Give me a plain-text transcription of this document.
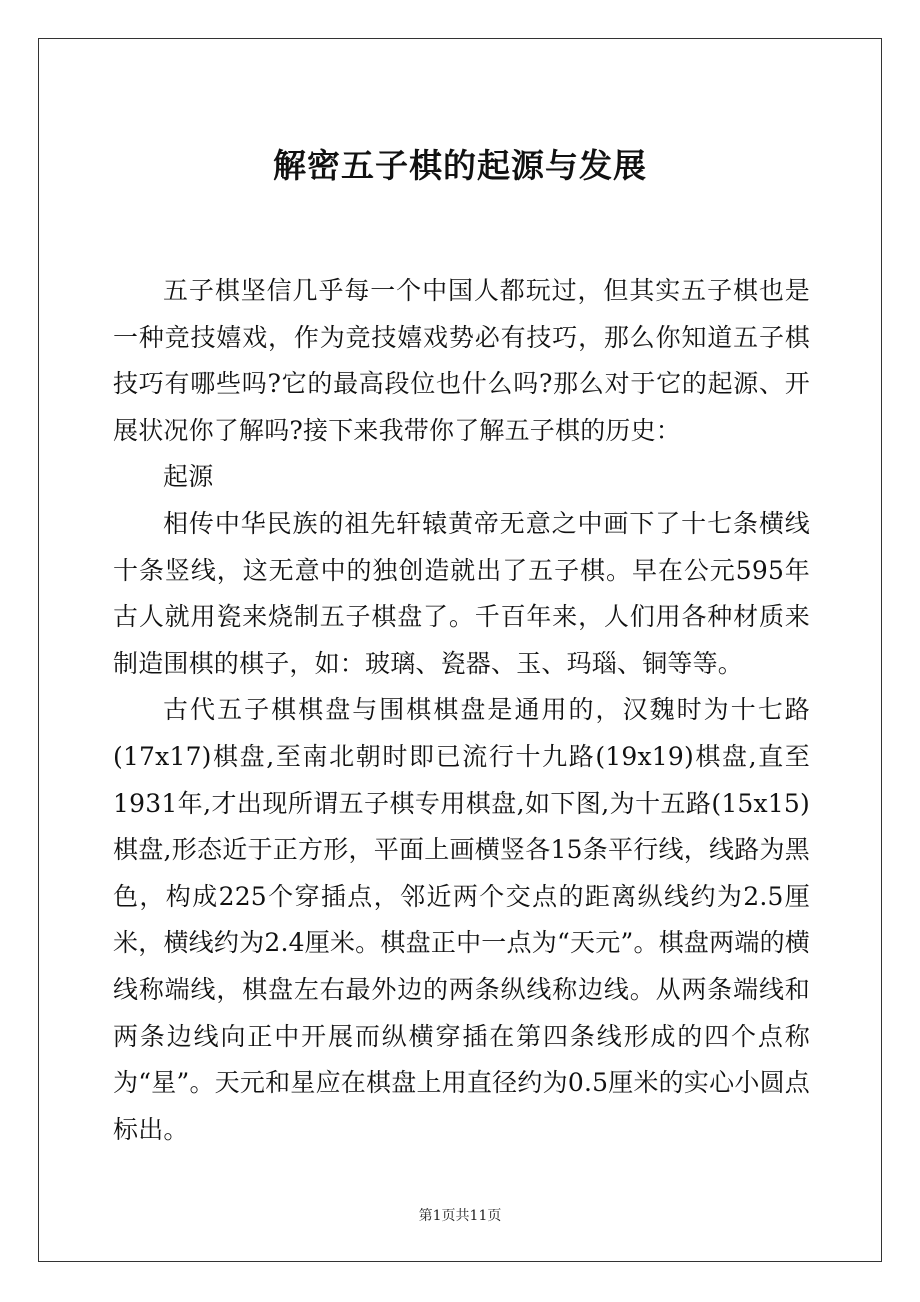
解密五子棋的起源与发展

五子棋坚信几乎每一个中国人都玩过，但其实五子棋也是一种竞技嬉戏，作为竞技嬉戏势必有技巧，那么你知道五子棋技巧有哪些吗?它的最高段位也什么吗?那么对于它的起源、开展状况你了解吗?接下来我带你了解五子棋的历史：

起源

相传中华民族的祖先轩辕黄帝无意之中画下了十七条横线十条竖线，这无意中的独创造就出了五子棋。早在公元595年古人就用瓷来烧制五子棋盘了。千百年来，人们用各种材质来制造围棋的棋子，如：玻璃、瓷器、玉、玛瑙、铜等等。

古代五子棋棋盘与围棋棋盘是通用的，汉魏时为十七路(17x17)棋盘,至南北朝时即已流行十九路(19x19)棋盘,直至1931年,才出现所谓五子棋专用棋盘,如下图,为十五路(15x15)棋盘,形态近于正方形，平面上画横竖各15条平行线，线路为黑色，构成225个穿插点，邻近两个交点的距离纵线约为2.5厘米，横线约为2.4厘米。棋盘正中一点为“天元”。棋盘两端的横线称端线，棋盘左右最外边的两条纵线称边线。从两条端线和两条边线向正中开展而纵横穿插在第四条线形成的四个点称为“星”。天元和星应在棋盘上用直径约为0.5厘米的实心小圆点标出。

第1页共11页
